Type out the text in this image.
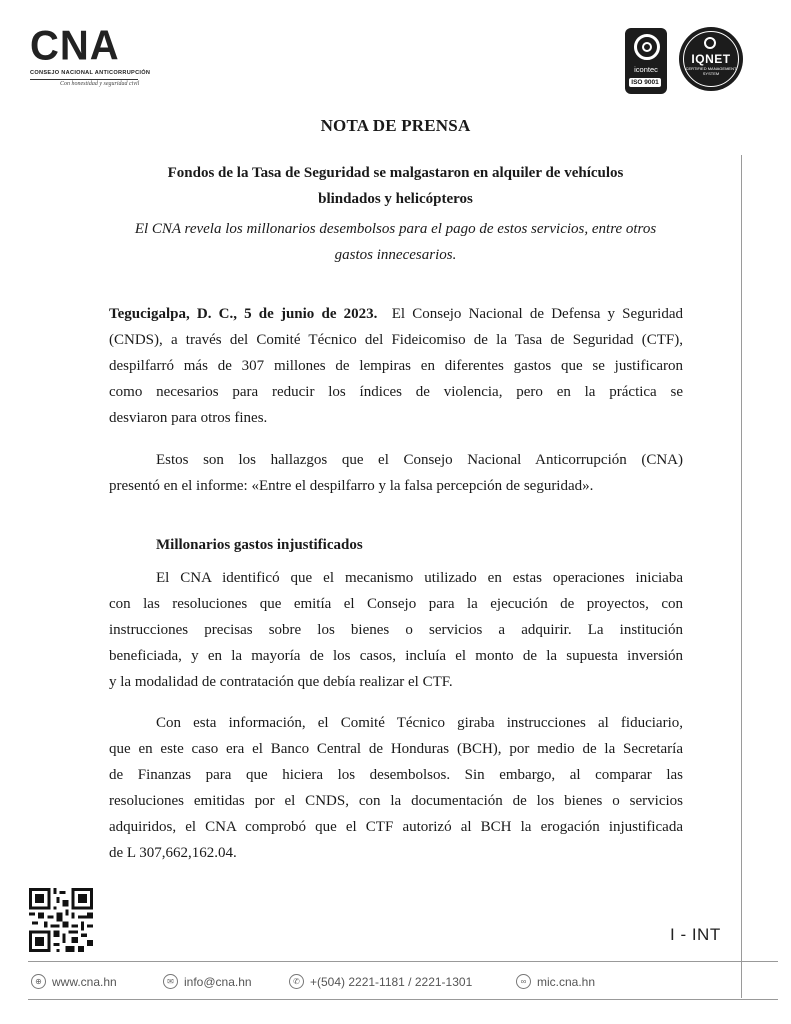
CNA
CONSEJO NACIONAL ANTICORRUPCIÓN
Con honestidad y seguridad civil
icontec
ISO 9001
IQNET
CERTIFIED MANAGEMENT SYSTEM
NOTA DE PRENSA
Fondos de la Tasa de Seguridad se malgastaron en alquiler de vehículos
blindados y helicópteros
El CNA revela los millonarios desembolsos para el pago de estos servicios, entre otros
gastos innecesarios.
Tegucigalpa, D. C., 5 de junio de 2023. El Consejo Nacional de Defensa y Seguridad
(CNDS), a través del Comité Técnico del Fideicomiso de la Tasa de Seguridad (CTF),
despilfarró más de 307 millones de lempiras en diferentes gastos que se justificaron
como necesarios para reducir los índices de violencia, pero en la práctica se
desviaron para otros fines.
Estos son los hallazgos que el Consejo Nacional Anticorrupción (CNA)
presentó en el informe: «Entre el despilfarro y la falsa percepción de seguridad».
Millonarios gastos injustificados
El CNA identificó que el mecanismo utilizado en estas operaciones iniciaba
con las resoluciones que emitía el Consejo para la ejecución de proyectos, con
instrucciones precisas sobre los bienes o servicios a adquirir. La institución
beneficiada, y en la mayoría de los casos, incluía el monto de la supuesta inversión
y la modalidad de contratación que debía realizar el CTF.
Con esta información, el Comité Técnico giraba instrucciones al fiduciario,
que en este caso era el Banco Central de Honduras (BCH), por medio de la Secretaría
de Finanzas para que hiciera los desembolsos. Sin embargo, al comparar las
resoluciones emitidas por el CNDS, con la documentación de los bienes o servicios
adquiridos, el CNA comprobó que el CTF autorizó al BCH la erogación injustificada
de L 307,662,162.04.
I - INT
⊕ www.cna.hn	✉ info@cna.hn	✆ +(504) 2221-1181 / 2221-1301	∞ mic.cna.hn
